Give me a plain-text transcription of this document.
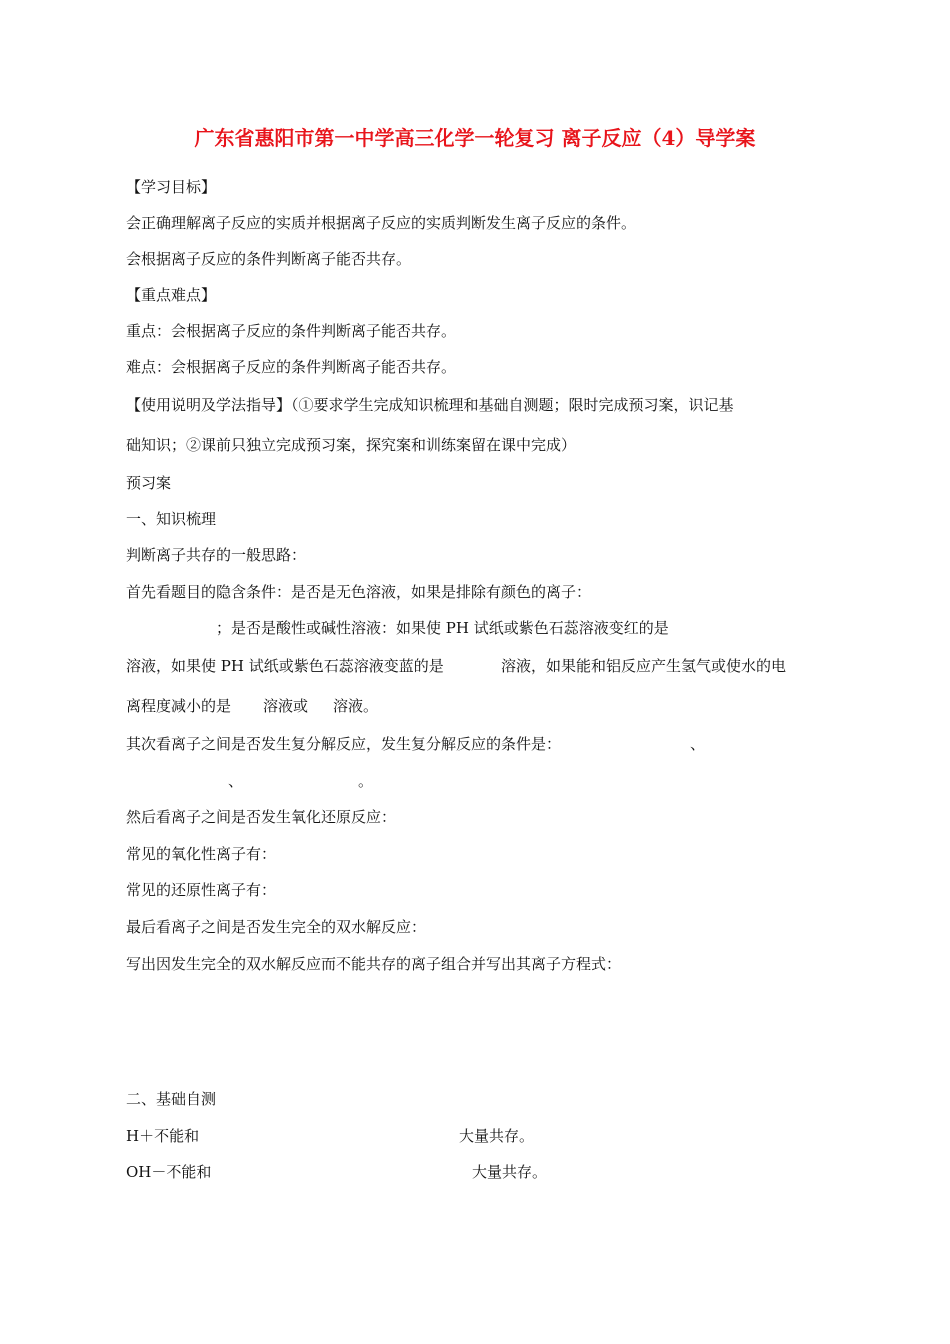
广东省惠阳市第一中学高三化学一轮复习 离子反应（4）导学案
【学习目标】
会正确理解离子反应的实质并根据离子反应的实质判断发生离子反应的条件。
会根据离子反应的条件判断离子能否共存。
【重点难点】
重点：会根据离子反应的条件判断离子能否共存。
难点：会根据离子反应的条件判断离子能否共存。
【使用说明及学法指导】（①要求学生完成知识梳理和基础自测题；限时完成预习案，识记基
础知识；②课前只独立完成预习案，探究案和训练案留在课中完成）
预习案
一、知识梳理
判断离子共存的一般思路：
首先看题目的隐含条件：是否是无色溶液，如果是排除有颜色的离子：
；是否是酸性或碱性溶液：如果使 PH 试纸或紫色石蕊溶液变红的是
溶液，如果使 PH 试纸或紫色石蕊溶液变蓝的是	溶液，如果能和铝反应产生氢气或使水的电
离程度减小的是 溶液或 溶液。
其次看离子之间是否发生复分解反应，发生复分解反应的条件是：	、
、	。
然后看离子之间是否发生氧化还原反应：
常见的氧化性离子有：
常见的还原性离子有：
最后看离子之间是否发生完全的双水解反应：
写出因发生完全的双水解反应而不能共存的离子组合并写出其离子方程式：
二、基础自测
H＋不能和	大量共存。
OH－不能和	大量共存。
